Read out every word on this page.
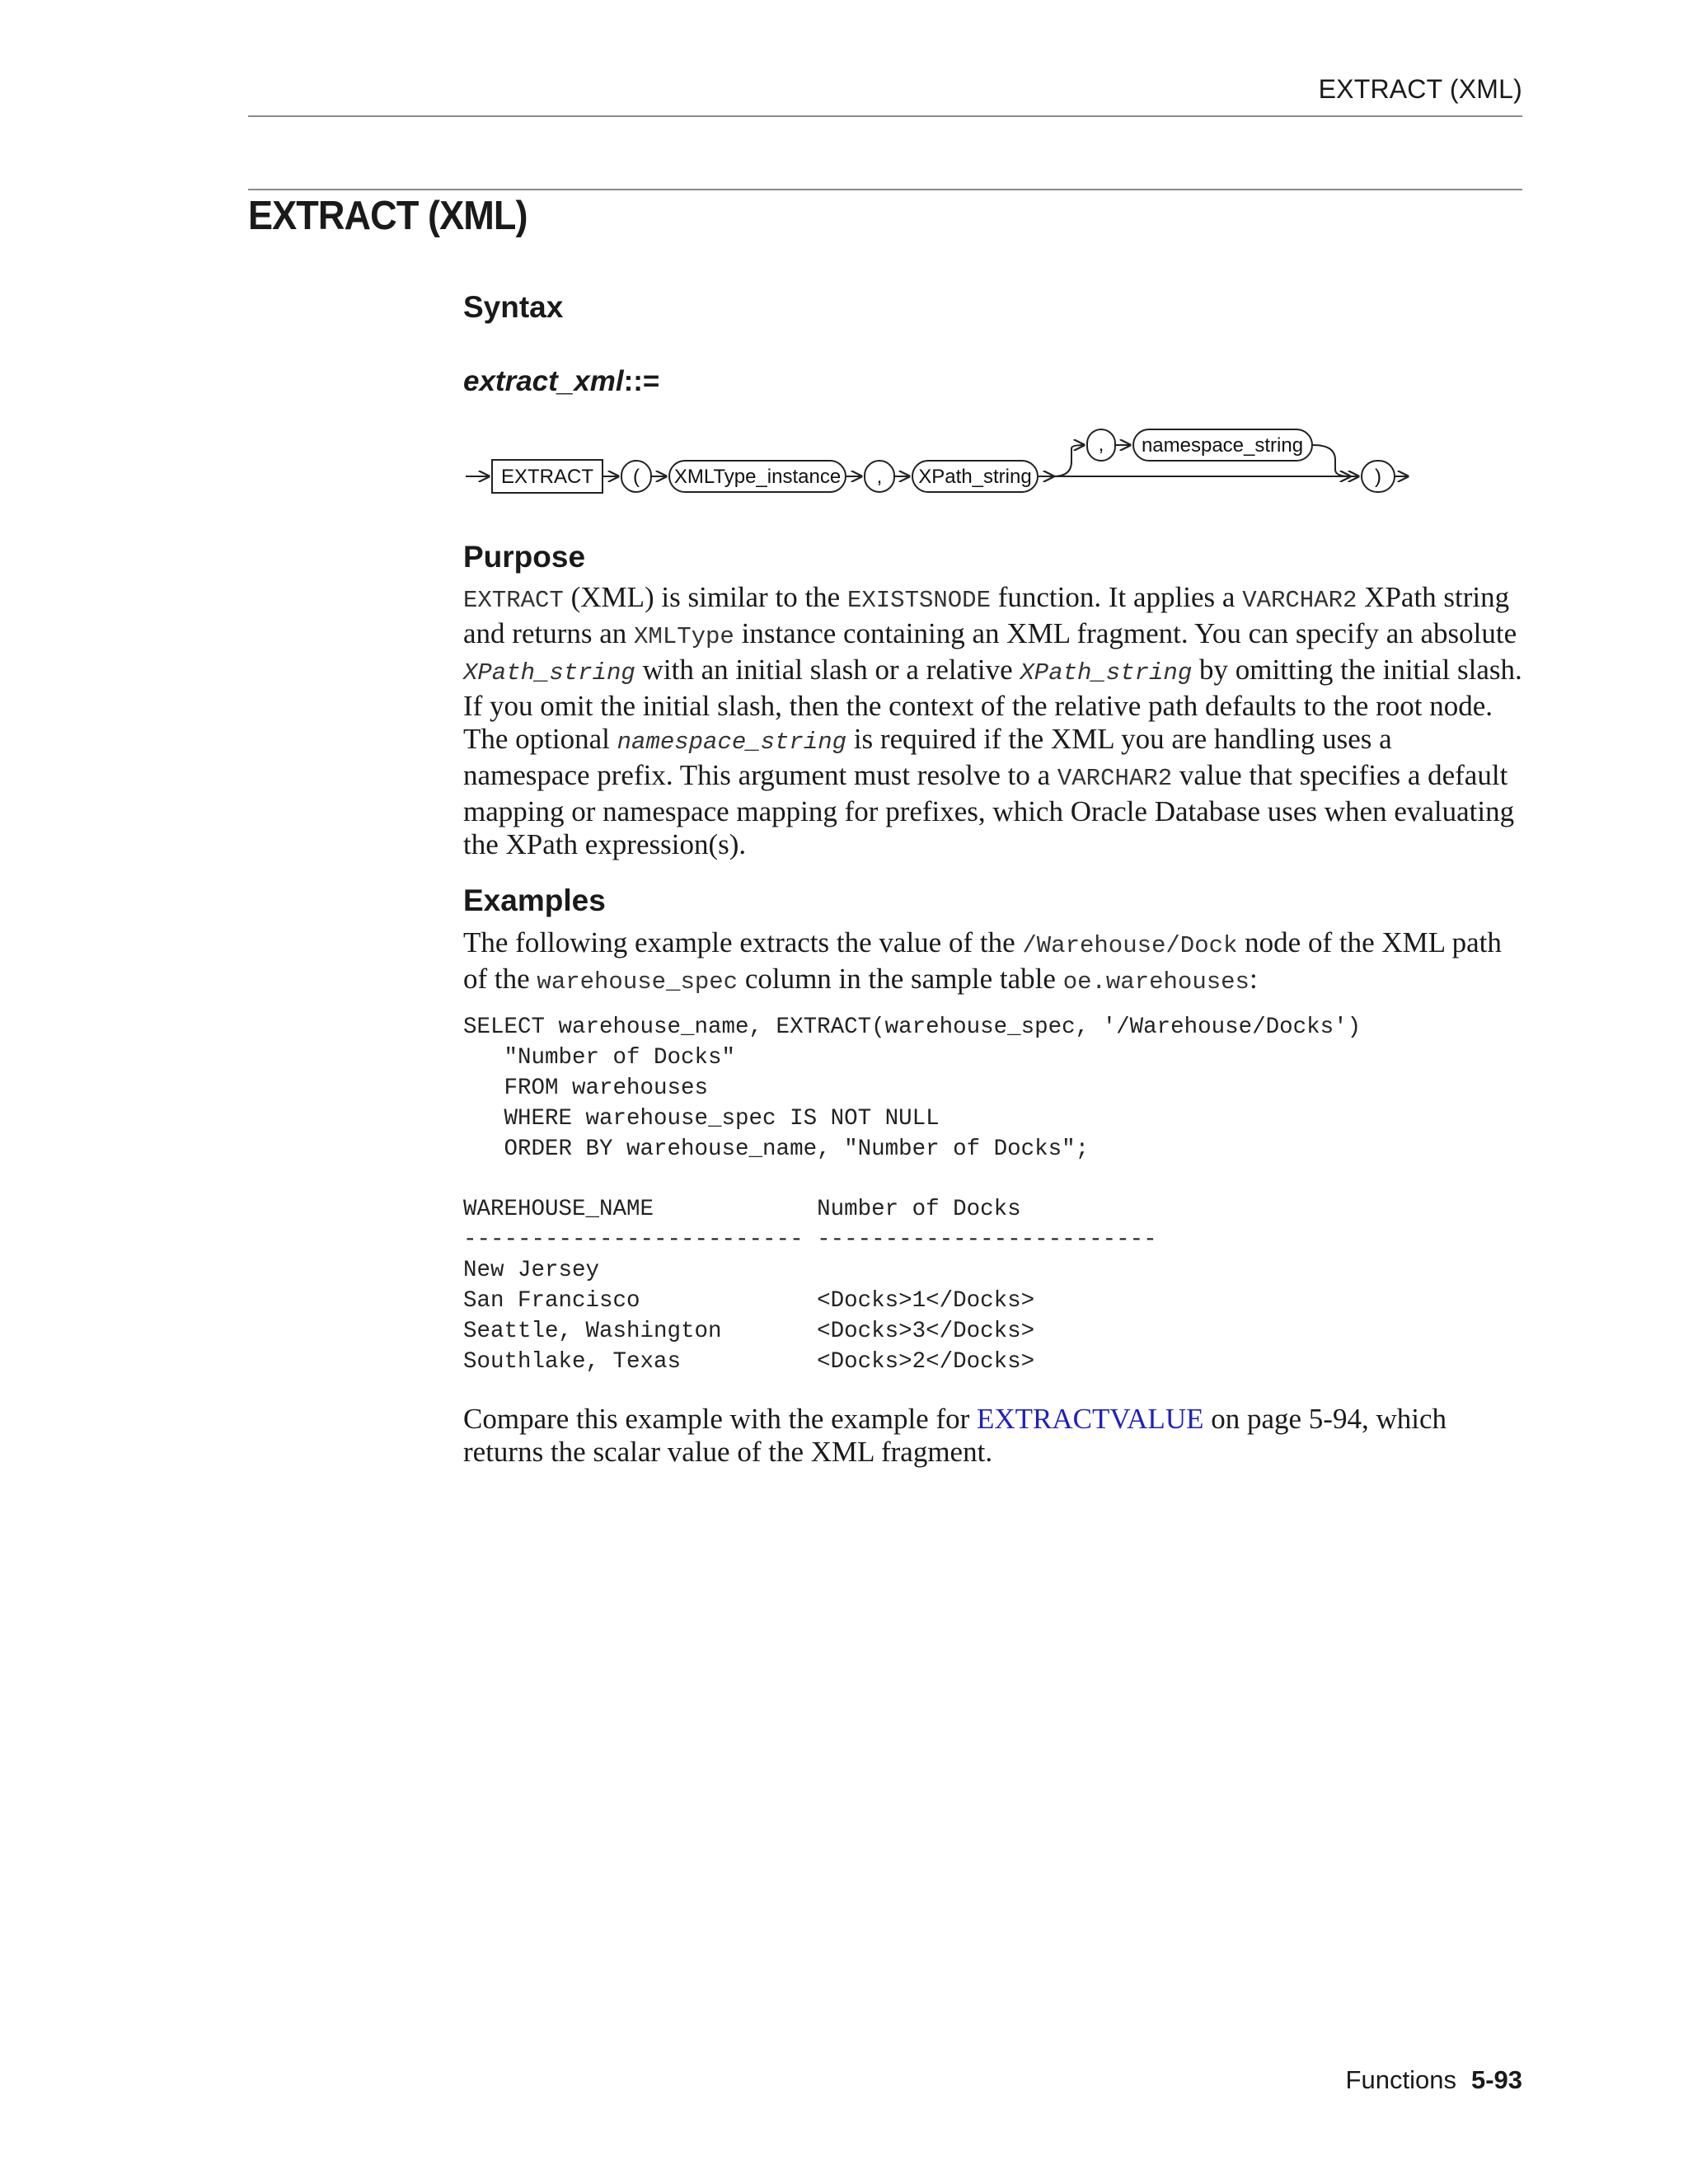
EXTRACT (XML)
EXTRACT (XML)
Syntax
extract_xml::=
EXTRACT ( XMLType_instance , XPath_string
, namespace_string
)
Purpose
EXTRACT (XML) is similar to the EXISTSNODE function. It applies a VARCHAR2 XPath string and returns an XMLType instance containing an XML fragment. You can specify an absolute XPath_string with an initial slash or a relative XPath_string by omitting the initial slash. If you omit the initial slash, then the context of the relative path defaults to the root node. The optional namespace_string is required if the XML you are handling uses a namespace prefix. This argument must resolve to a VARCHAR2 value that specifies a default mapping or namespace mapping for prefixes, which Oracle Database uses when evaluating the XPath expression(s).
Examples
The following example extracts the value of the /Warehouse/Dock node of the XML path of the warehouse_spec column in the sample table oe.warehouses:
SELECT warehouse_name, EXTRACT(warehouse_spec, '/Warehouse/Docks')
"Number of Docks"
FROM warehouses
WHERE warehouse_spec IS NOT NULL
ORDER BY warehouse_name, "Number of Docks";
WAREHOUSE_NAME            Number of Docks
------------------------- -------------------------
New Jersey
San Francisco             <Docks>1</Docks>
Seattle, Washington       <Docks>3</Docks>
Southlake, Texas          <Docks>2</Docks>
Compare this example with the example for EXTRACTVALUE on page 5-94, which returns the scalar value of the XML fragment.
Functions 5-93
